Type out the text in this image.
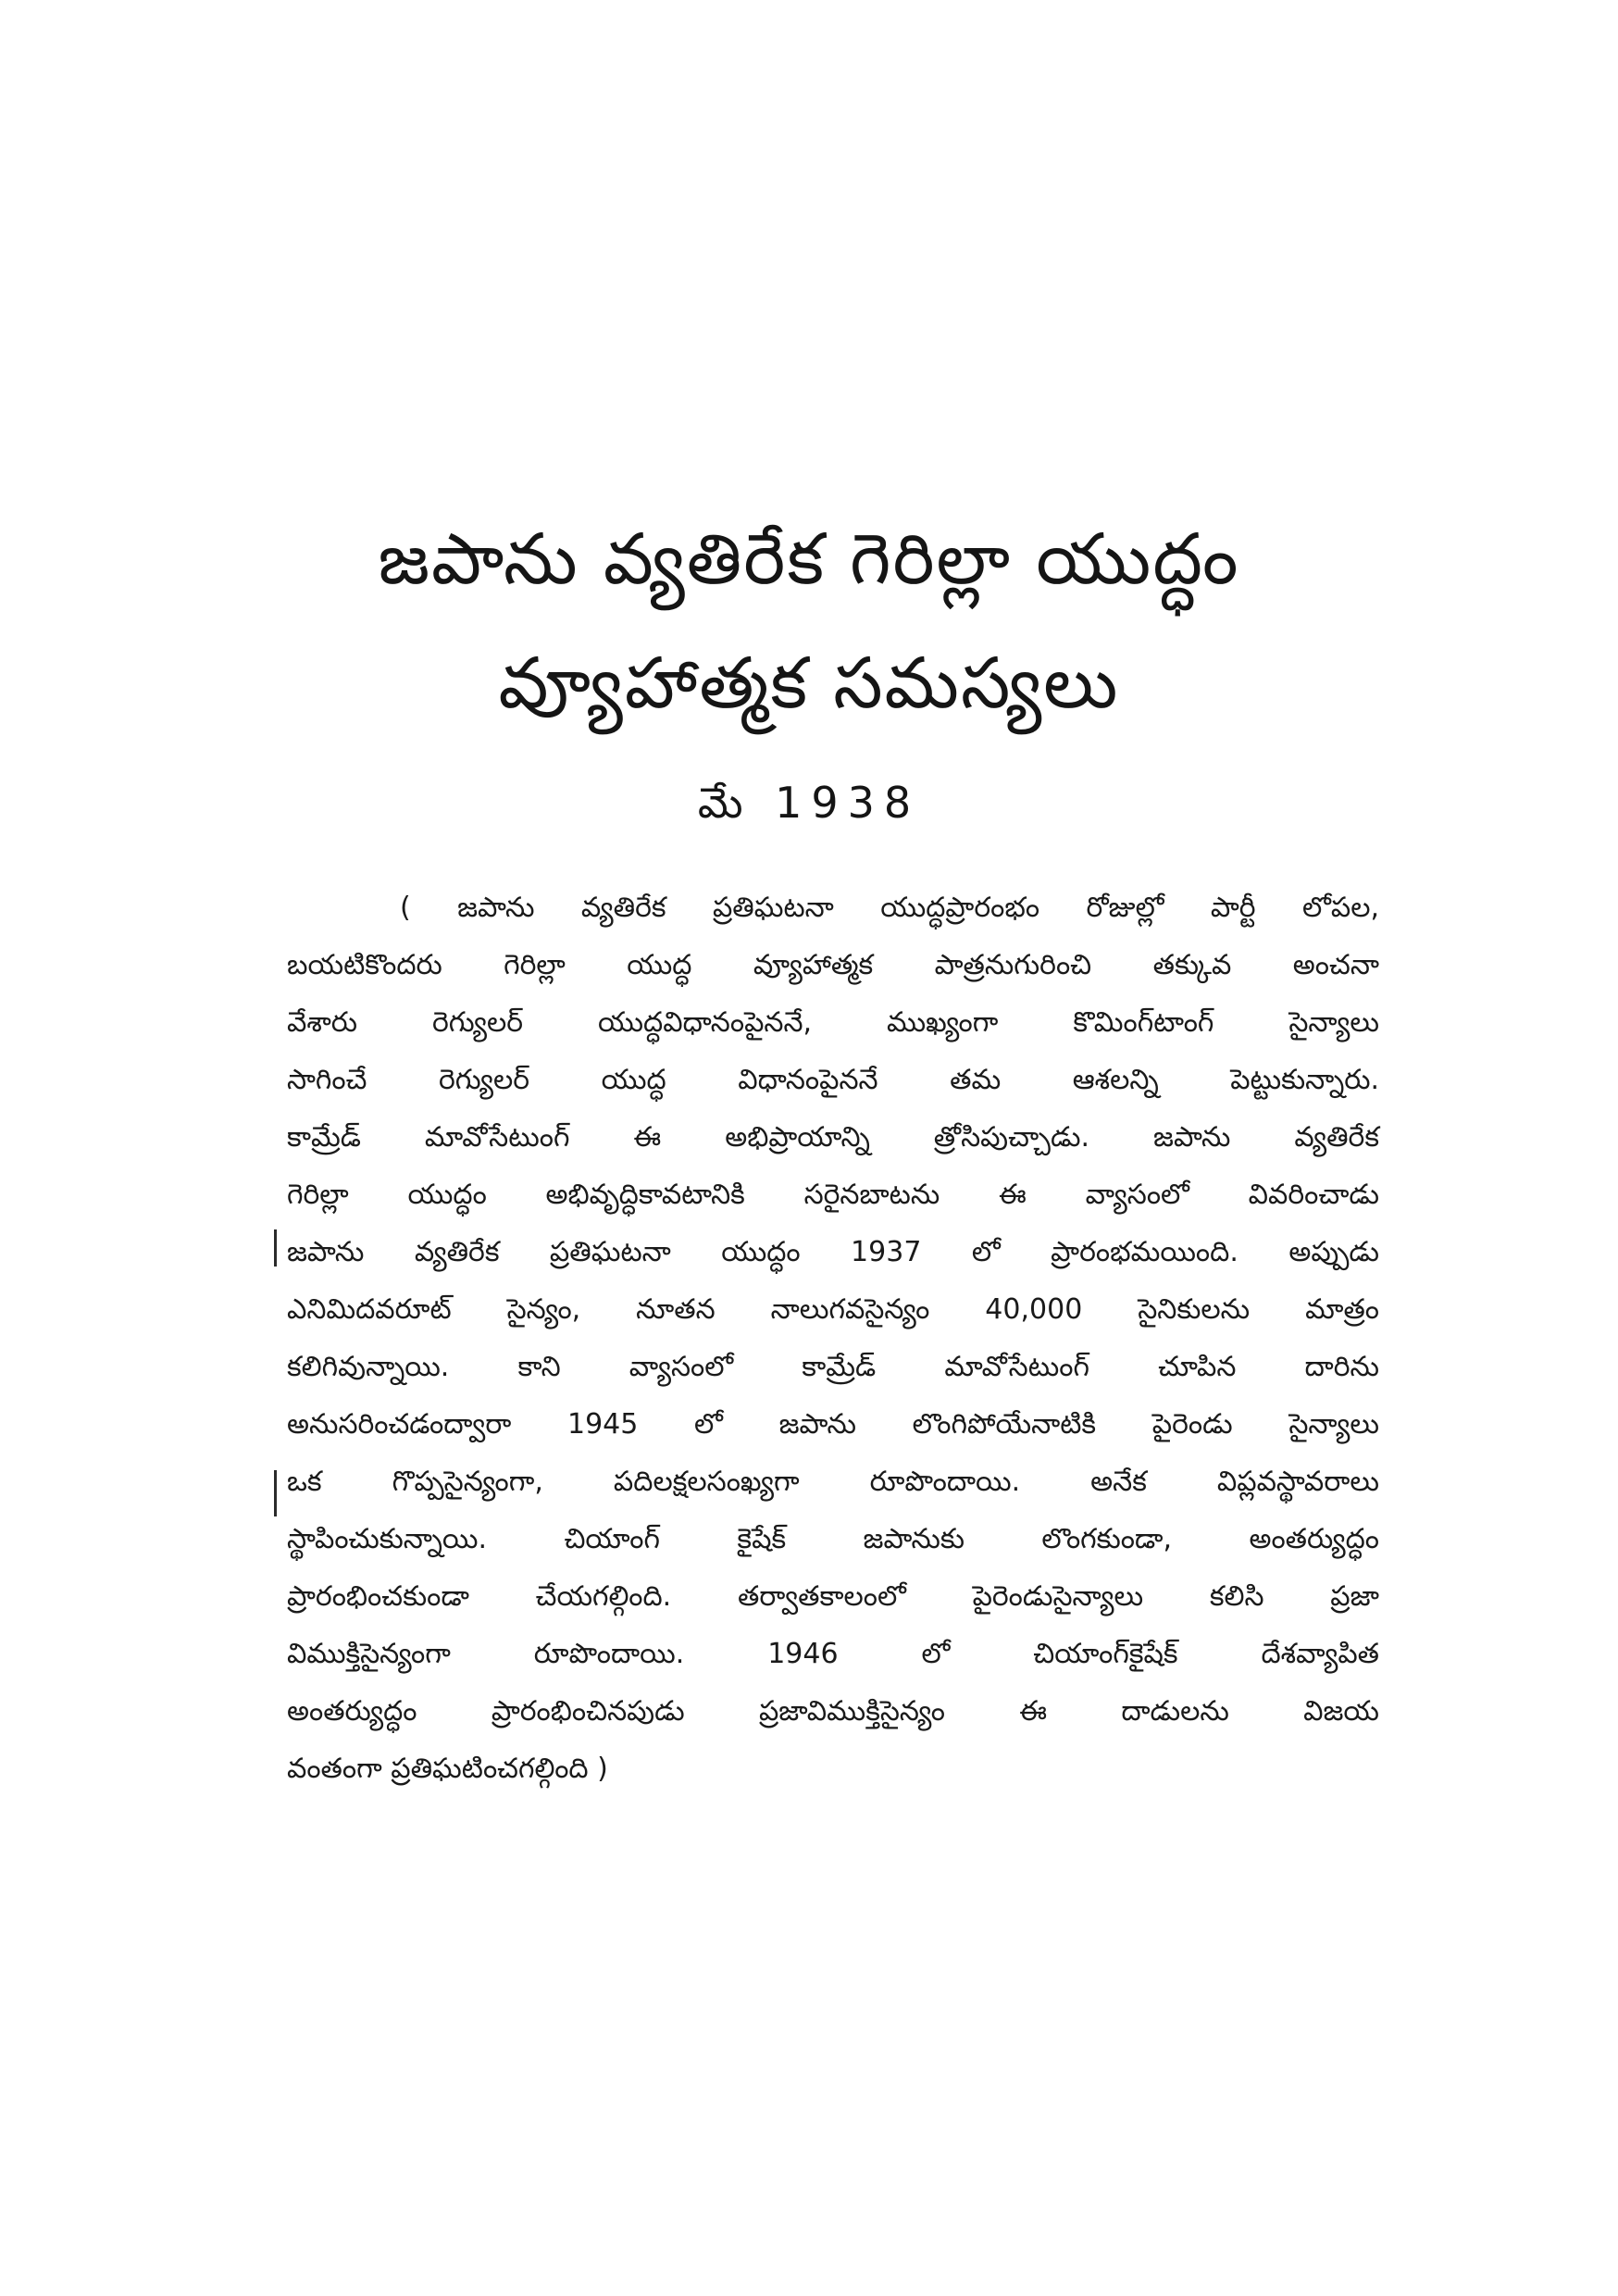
జపాను వ్యతిరేక గెరిల్లా యుద్ధం
వ్యూహాత్మక సమస్యలు
మే 1938
( జపాను వ్యతిరేక ప్రతిఘటనా యుద్ధప్రారంభం రోజుల్లో పార్టీ లోపల,
బయటికొందరు గెరిల్లా యుద్ధ వ్యూహాత్మక పాత్రనుగురించి తక్కువ అంచనా
వేశారు రెగ్యులర్ యుద్ధవిధానంపైననే, ముఖ్యంగా కొమింగ్‌టాంగ్ సైన్యాలు
సాగించే రెగ్యులర్ యుద్ధ విధానంపైననే తమ ఆశలన్ని పెట్టుకున్నారు.
కామ్రేడ్ మావోసేటుంగ్ ఈ అభిప్రాయాన్ని త్రోసిపుచ్చాడు. జపాను వ్యతిరేక
గెరిల్లా యుద్ధం అభివృద్ధికావటానికి సరైనబాటను ఈ వ్యాసంలో వివరించాడు
జపాను వ్యతిరేక ప్రతిఘటనా యుద్ధం 1937 లో ప్రారంభమయింది. అప్పుడు
ఎనిమిదవరూట్ సైన్యం, నూతన నాలుగవసైన్యం 40,000 సైనికులను మాత్రం
కలిగివున్నాయి. కాని వ్యాసంలో కామ్రేడ్ మావోసేటుంగ్ చూపిన దారిను
అనుసరించడంద్వారా 1945 లో జపాను లొంగిపోయేనాటికి పైరెండు సైన్యాలు
ఒక గొప్పసైన్యంగా, పదిలక్షలసంఖ్యగా రూపొందాయి. అనేక విప్లవస్థావరాలు
స్థాపించుకున్నాయి. చియాంగ్ కైషేక్ జపానుకు లొంగకుండా, అంతర్యుద్ధం
ప్రారంభించకుండా చేయగల్గింది. తర్వాతకాలంలో పైరెండుసైన్యాలు కలిసి ప్రజా
విముక్తిసైన్యంగా రూపొందాయి. 1946 లో చియాంగ్‌కైషేక్ దేశవ్యాపిత
అంతర్యుద్ధం ప్రారంభించినపుడు ప్రజావిముక్తిసైన్యం ఈ దాడులను విజయ
వంతంగా ప్రతిఘటించగల్గింది )
